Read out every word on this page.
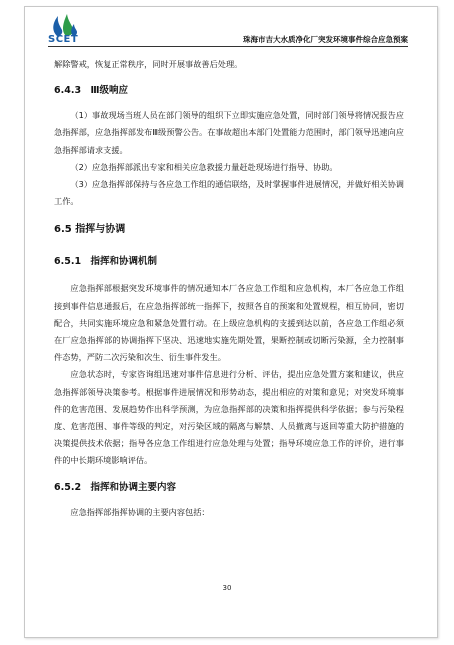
SCET	珠海市吉大水质净化厂突发环境事件综合应急预案

解除警戒，恢复正常秩序，同时开展事故善后处理。

6.4.3　Ⅲ级响应

（1）事故现场当班人员在部门领导的组织下立即实施应急处置，同时部门领导将情况报告应急指挥部，应急指挥部发布Ⅲ级预警公告。在事故超出本部门处置能力范围时，部门领导迅速向应急指挥部请求支援。

（2）应急指挥部派出专家和相关应急救援力量赶赴现场进行指导、协助。

（3）应急指挥部保持与各应急工作组的通信联络，及时掌握事件进展情况，并做好相关协调工作。

6.5 指挥与协调
6.5.1　指挥和协调机制

应急指挥部根据突发环境事件的情况通知本厂各应急工作组和应急机构，本厂各应急工作组接到事件信息通报后，在应急指挥部统一指挥下，按照各自的预案和处置规程，相互协同，密切配合，共同实施环境应急和紧急处置行动。在上级应急机构的支援到达以前，各应急工作组必须在厂应急指挥部的协调指挥下坚决、迅速地实施先期处置，果断控制或切断污染源，全力控制事件态势，严防二次污染和次生、衍生事件发生。

应急状态时，专家咨询组迅速对事件信息进行分析、评估，提出应急处置方案和建议，供应急指挥部领导决策参考。根据事件进展情况和形势动态，提出相应的对策和意见；对突发环境事件的危害范围、发展趋势作出科学预测，为应急指挥部的决策和指挥提供科学依据；参与污染程度、危害范围、事件等级的判定，对污染区域的隔离与解禁、人员撤离与返回等重大防护措施的决策提供技术依据；指导各应急工作组进行应急处理与处置；指导环境应急工作的评价，进行事件的中长期环境影响评估。

6.5.2　指挥和协调主要内容

应急指挥部指挥协调的主要内容包括：

30
